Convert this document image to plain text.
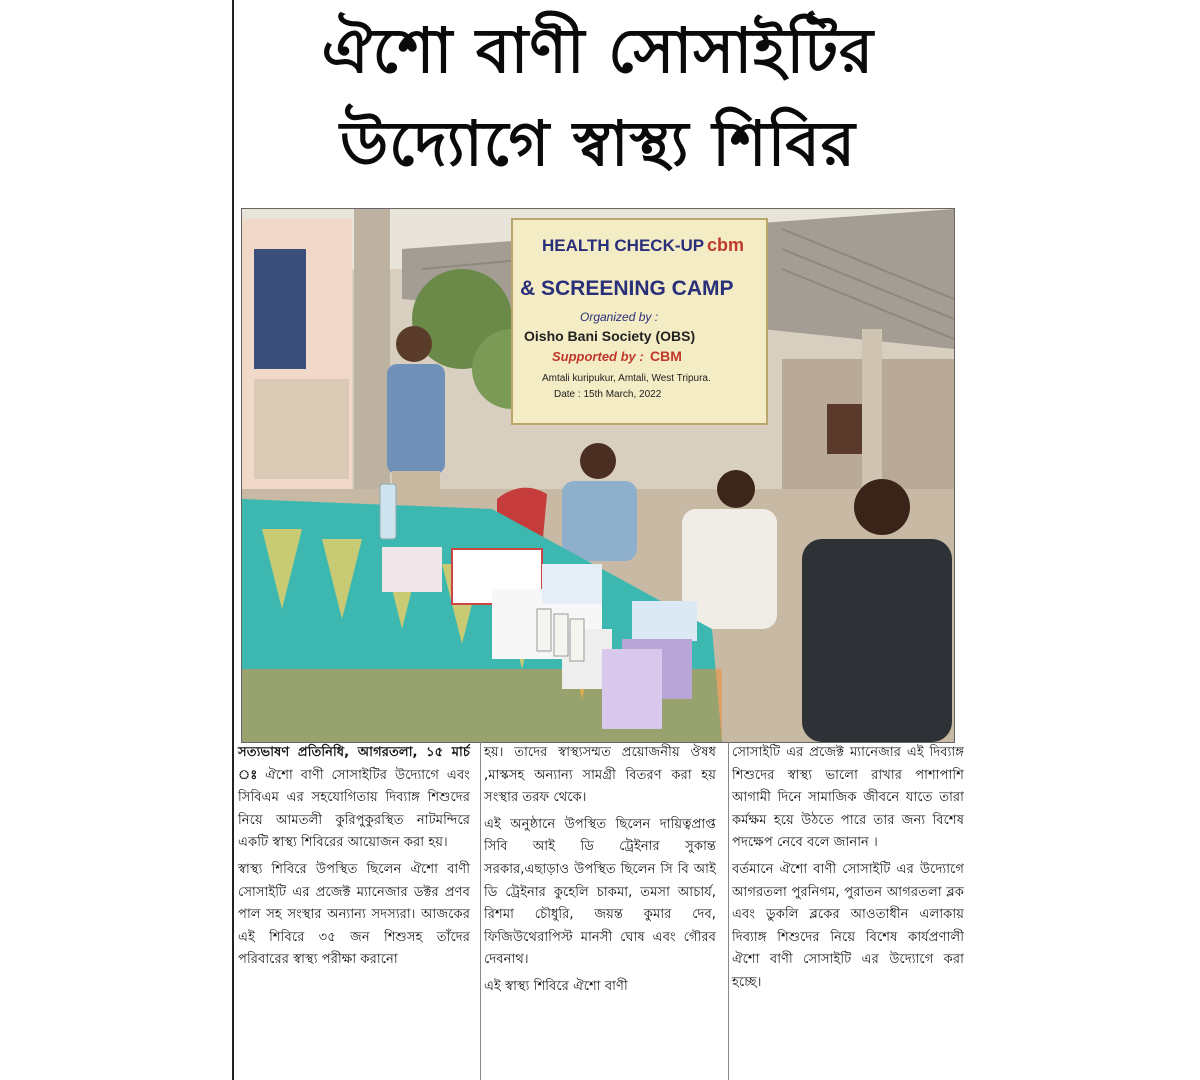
ঐশো বাণী সোসাইটির
উদ্যোগে স্বাস্থ্য শিবির
HEALTH CHECK-UP cbm
& SCREENING CAMP
Organized by :
Oisho Bani Society (OBS)
Supported by : CBM
Amtali kuripukur, Amtali, West Tripura.
Date : 15th March, 2022

সত্যভাষণ প্রতিনিধি, আগরতলা, ১৫ মার্চ ঃ ঐশো বাণী সোসাইটির উদ্যোগে এবং সিবিএম এর সহযোগিতায় দিব্যাঙ্গ শিশুদের নিয়ে আমতলী কুরিপুকুরস্থিত নাটমন্দিরে একটি স্বাস্থ্য শিবিরের আয়োজন করা হয়।

স্বাস্থ্য শিবিরে উপস্থিত ছিলেন ঐশো বাণী সোসাইটি এর প্রজেক্ট ম্যানেজার ডক্টর প্রণব পাল সহ সংস্থার অন্যান্য সদস্যরা। আজকের এই শিবিরে ৩৫ জন শিশুসহ তাঁদের পরিবারের স্বাস্থ্য পরীক্ষা করানো

হয়। তাদের স্বাস্থ্যসম্মত প্রয়োজনীয় ঔষধ ,মাস্কসহ অন্যান্য সামগ্রী বিতরণ করা হয় সংস্থার তরফ থেকে।

এই অনুষ্ঠানে উপস্থিত ছিলেন দায়িত্বপ্রাপ্ত সিবি আই ডি ট্রেইনার সুকান্ত সরকার,এছাড়াও উপস্থিত ছিলেন সি বি আই ডি ট্রেইনার কুহেলি চাকমা, তমসা আচার্য, রিশমা চৌধুরি, জয়ন্ত কুমার দেব, ফিজিউথেরাপিস্ট মানসী ঘোষ এবং গৌরব দেবনাথ।

এই স্বাস্থ্য শিবিরে ঐশো বাণী

সোসাইটি এর প্রজেক্ট ম্যানেজার এই দিব্যাঙ্গ শিশুদের স্বাস্থ্য ভালো রাখার পাশাপাশি আগামী দিনে সামাজিক জীবনে যাতে তারা কর্মক্ষম হয়ে উঠতে পারে তার জন্য বিশেষ পদক্ষেপ নেবে বলে জানান ।

বর্তমানে ঐশো বাণী সোসাইটি এর উদ্যোগে আগরতলা পুরনিগম, পুরাতন আগরতলা ব্লক এবং ডুকলি ব্লকের আওতাধীন এলাকায় দিব্যাঙ্গ শিশুদের নিয়ে বিশেষ কার্যপ্রণালী ঐশো বাণী সোসাইটি এর উদ্যোগে করা হচ্ছে।
